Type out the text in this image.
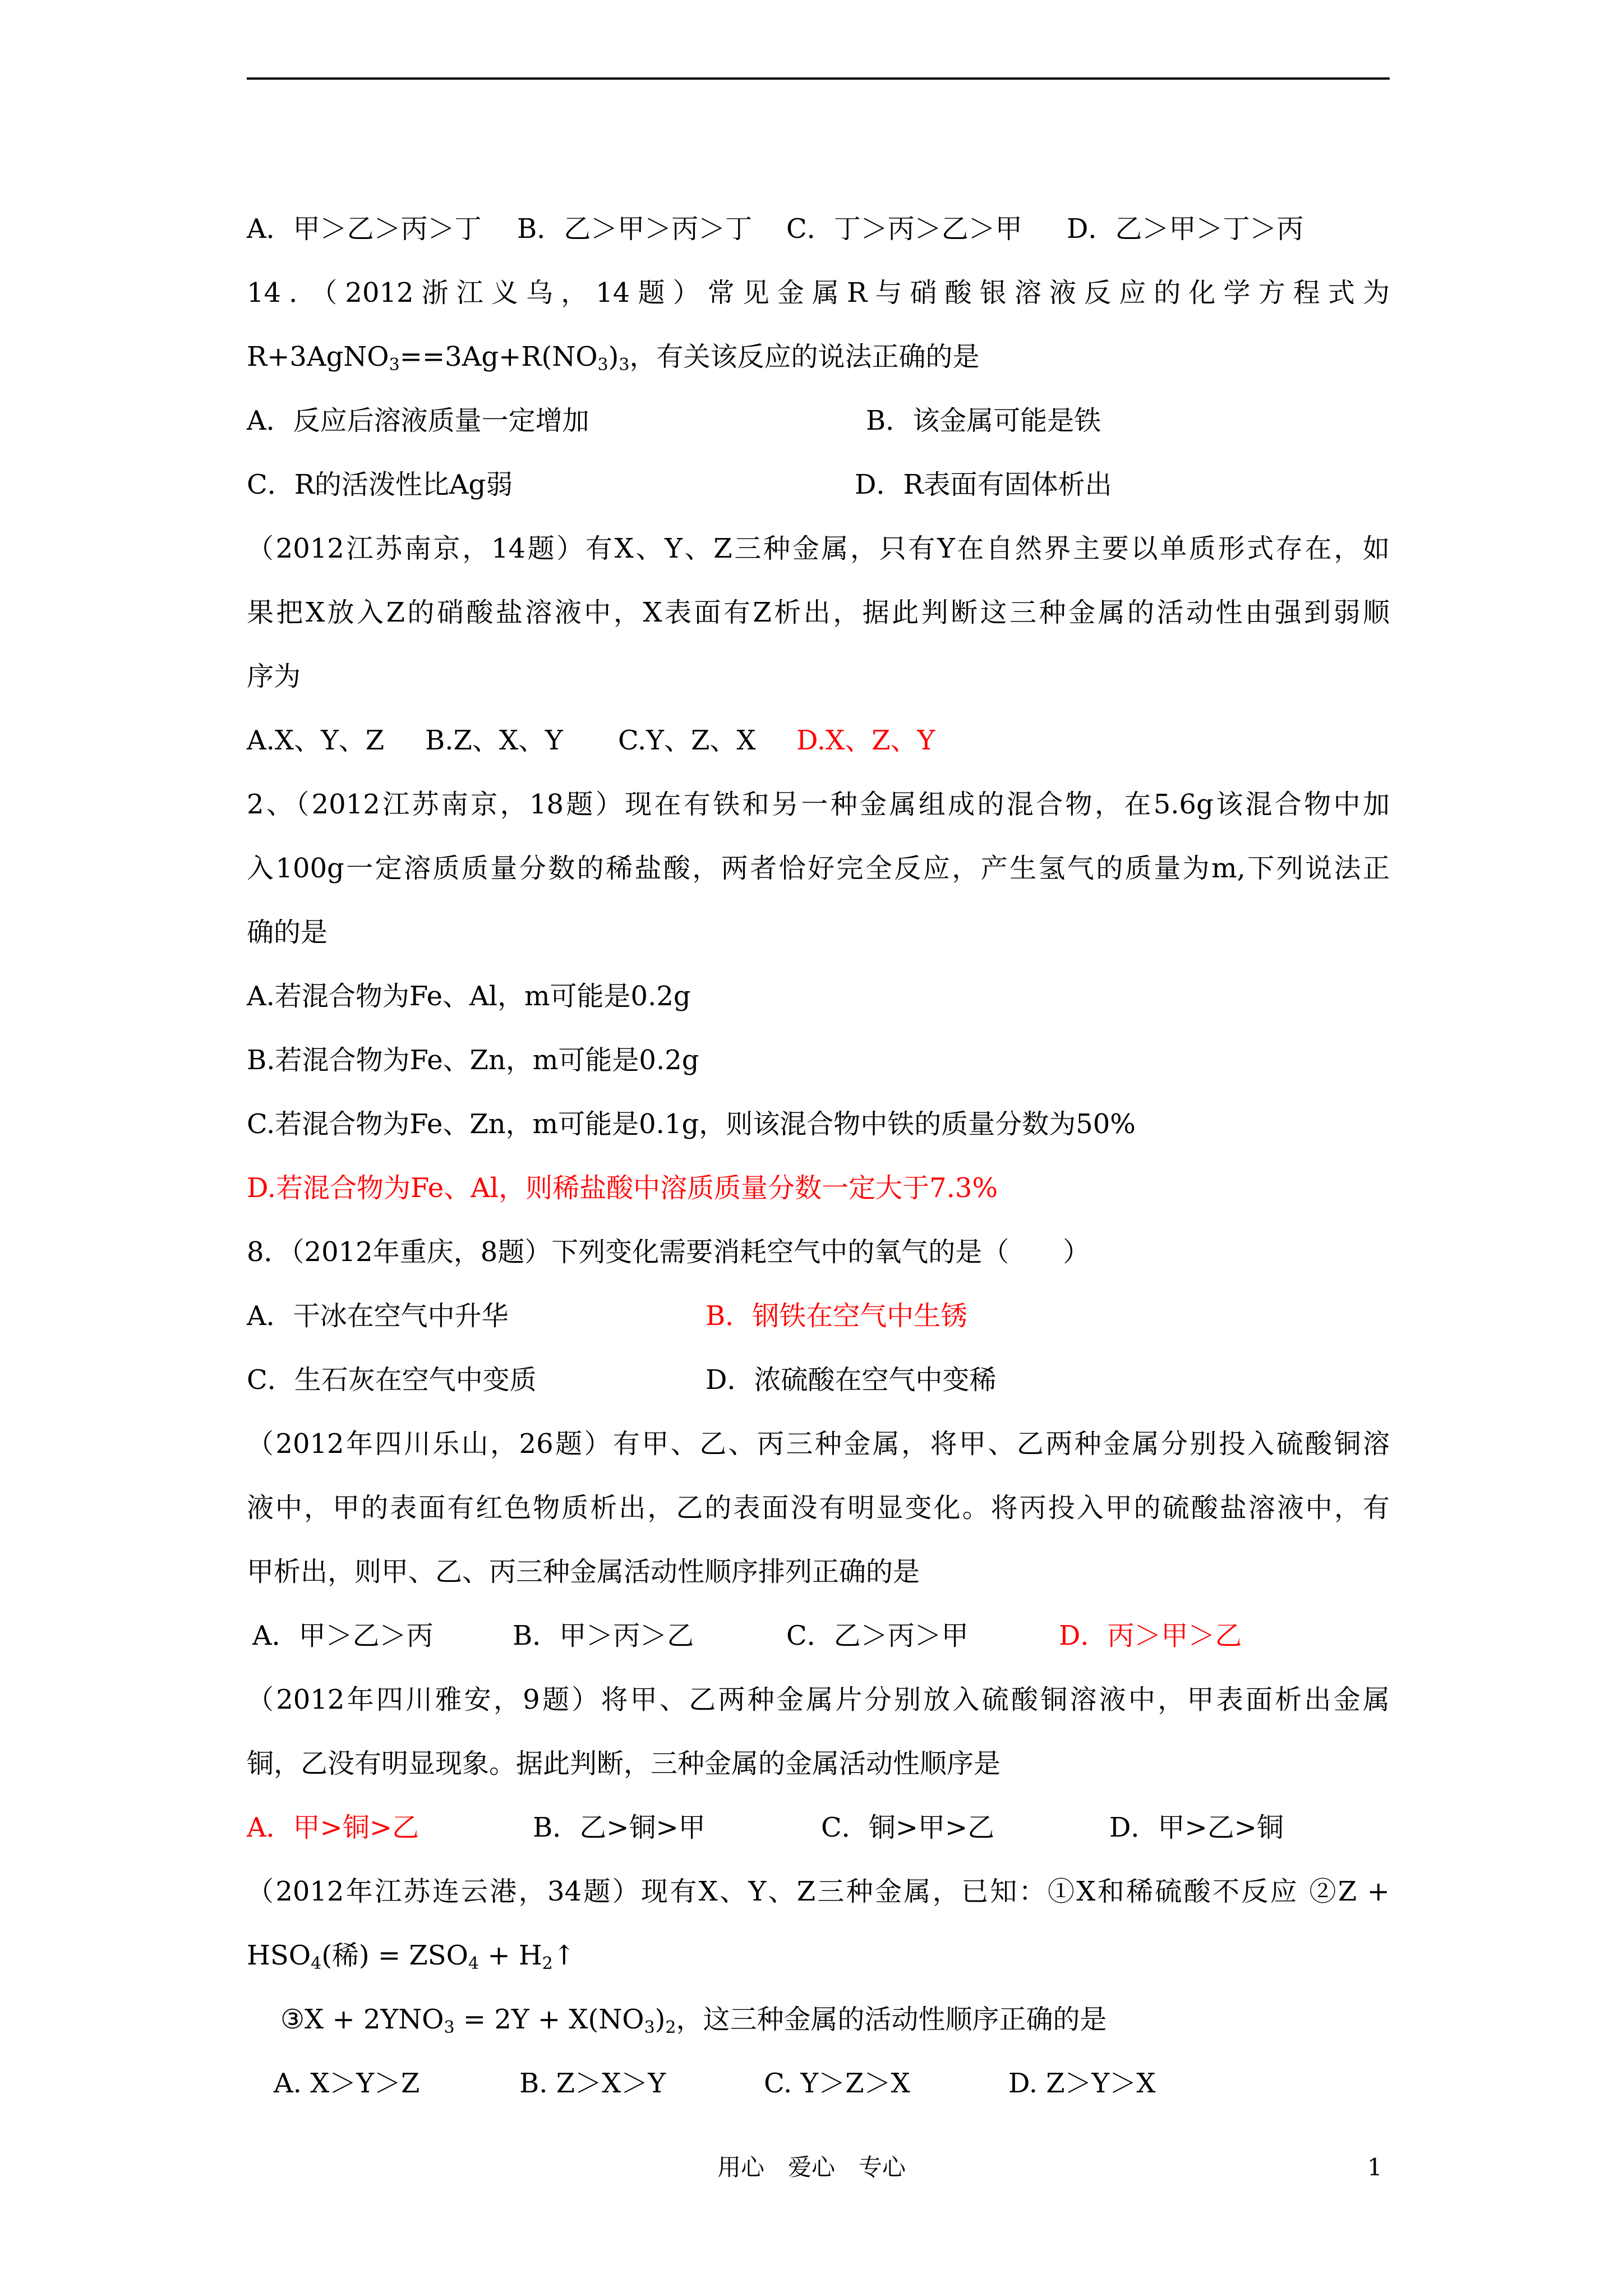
A．甲＞乙＞丙＞丁 B．乙＞甲＞丙＞丁 C．丁＞丙＞乙＞甲 D．乙＞甲＞丁＞丙
14．（2012浙江义乌，14题）常见金属R与硝酸银溶液反应的化学方程式为
$R+3AgNO_3==3Ag+R(NO_3)_3$，有关该反应的说法正确的是
A．反应后溶液质量一定增加	B．该金属可能是铁
C．R的活泼性比Ag弱	D．R表面有固体析出
（2012江苏南京，14题）有X、Y、Z三种金属，只有Y在自然界主要以单质形式存在，如
果把X放入Z的硝酸盐溶液中，X表面有Z析出，据此判断这三种金属的活动性由强到弱顺
序为
A.X、Y、Z B.Z、X、Y C.Y、Z、X D.X、Z、Y
2、（2012江苏南京，18题）现在有铁和另一种金属组成的混合物，在5.6g该混合物中加
入100g一定溶质质量分数的稀盐酸，两者恰好完全反应，产生氢气的质量为m,下列说法正
确的是
A.若混合物为Fe、Al，m可能是0.2g
B.若混合物为Fe、Zn，m可能是0.2g
C.若混合物为Fe、Zn，m可能是0.1g，则该混合物中铁的质量分数为50%
D.若混合物为Fe、Al，则稀盐酸中溶质质量分数一定大于7.3%
8．（2012年重庆，8题）下列变化需要消耗空气中的氧气的是（　　）
A．干冰在空气中升华	B．钢铁在空气中生锈
C．生石灰在空气中变质	D．浓硫酸在空气中变稀
（2012年四川乐山，26题）有甲、乙、丙三种金属，将甲、乙两种金属分别投入硫酸铜溶
液中，甲的表面有红色物质析出，乙的表面没有明显变化。将丙投入甲的硫酸盐溶液中，有
甲析出，则甲、乙、丙三种金属活动性顺序排列正确的是
A．甲＞乙＞丙	B．甲＞丙＞乙	C．乙＞丙＞甲	D．丙＞甲＞乙
（2012年四川雅安，9题）将甲、乙两种金属片分别放入硫酸铜溶液中，甲表面析出金属
铜，乙没有明显现象。据此判断，三种金属的金属活动性顺序是
A．甲>铜>乙	B．乙>铜>甲	C．铜>甲>乙	D．甲>乙>铜
（2012年江苏连云港，34题）现有X、Y、Z三种金属，已知：①X和稀硫酸不反应 ②Z +
$HSO_4$(稀) = $ZSO_4$ + $H_2↑$
③X + $2YNO_3 = 2Y + X(NO_3)_2$，这三种金属的活动性顺序正确的是
A. X＞Y＞Z	B. Z＞X＞Y	C. Y＞Z＞X	D. Z＞Y＞X
用心　爱心　专心	1
